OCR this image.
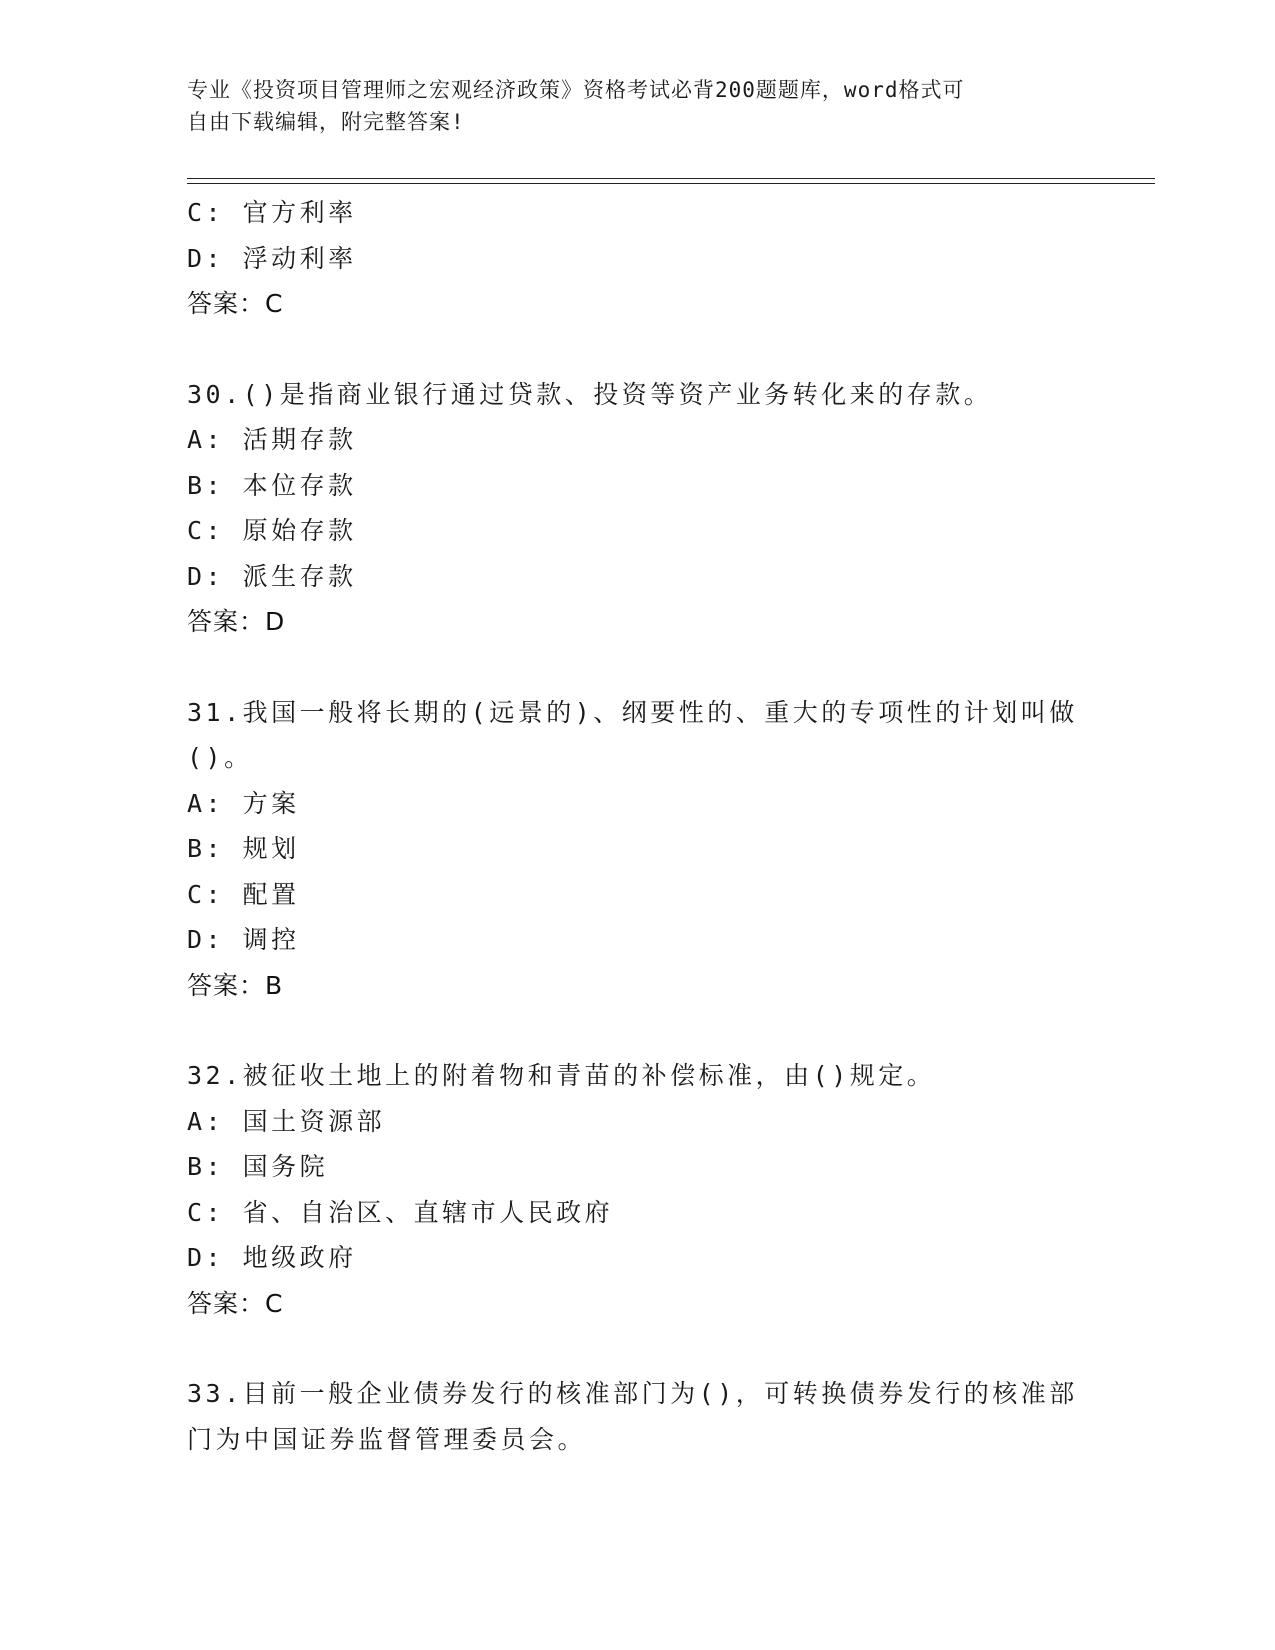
专业《投资项目管理师之宏观经济政策》资格考试必背200题题库，word格式可
自由下载编辑，附完整答案!
C: 官方利率
D: 浮动利率
答案：C
30.()是指商业银行通过贷款、投资等资产业务转化来的存款。
A: 活期存款
B: 本位存款
C: 原始存款
D: 派生存款
答案：D
31.我国一般将长期的(远景的)、纲要性的、重大的专项性的计划叫做
()。
A: 方案
B: 规划
C: 配置
D: 调控
答案：B
32.被征收土地上的附着物和青苗的补偿标准，由()规定。
A: 国土资源部
B: 国务院
C: 省、自治区、直辖市人民政府
D: 地级政府
答案：C
33.目前一般企业债券发行的核准部门为()，可转换债券发行的核准部
门为中国证券监督管理委员会。
